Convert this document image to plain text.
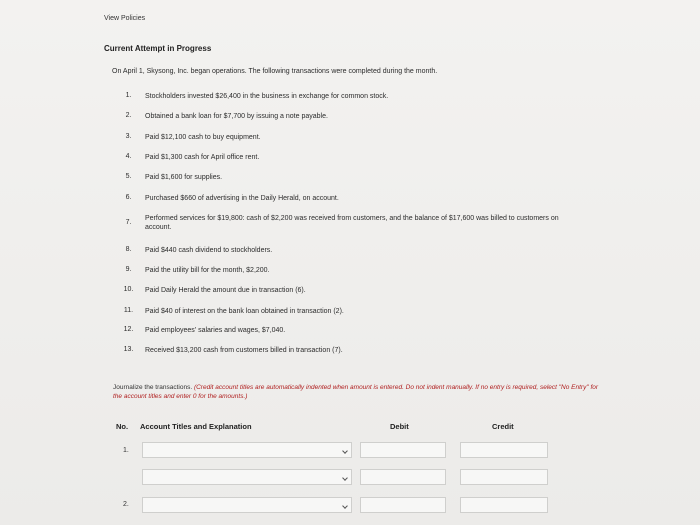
View Policies
Current Attempt in Progress
On April 1, Skysong, Inc. began operations. The following transactions were completed during the month.
1.	Stockholders invested $26,400 in the business in exchange for common stock.
2.	Obtained a bank loan for $7,700 by issuing a note payable.
3.	Paid $12,100 cash to buy equipment.
4.	Paid $1,300 cash for April office rent.
5.	Paid $1,600 for supplies.
6.	Purchased $660 of advertising in the Daily Herald, on account.
7.
Performed services for $19,800: cash of $2,200 was received from customers, and the balance of $17,600 was billed to customers on account.
8.	Paid $440 cash dividend to stockholders.
9.	Paid the utility bill for the month, $2,200.
10.	Paid Daily Herald the amount due in transaction (6).
11.	Paid $40 of interest on the bank loan obtained in transaction (2).
12.	Paid employees' salaries and wages, $7,040.
13.	Received $13,200 cash from customers billed in transaction (7).
Journalize the transactions. (Credit account titles are automatically indented when amount is entered. Do not indent manually. If no entry is required, select "No Entry" for the account titles and enter 0 for the amounts.)
No. Account Titles and Explanation	Debit	Credit
1.
2.
